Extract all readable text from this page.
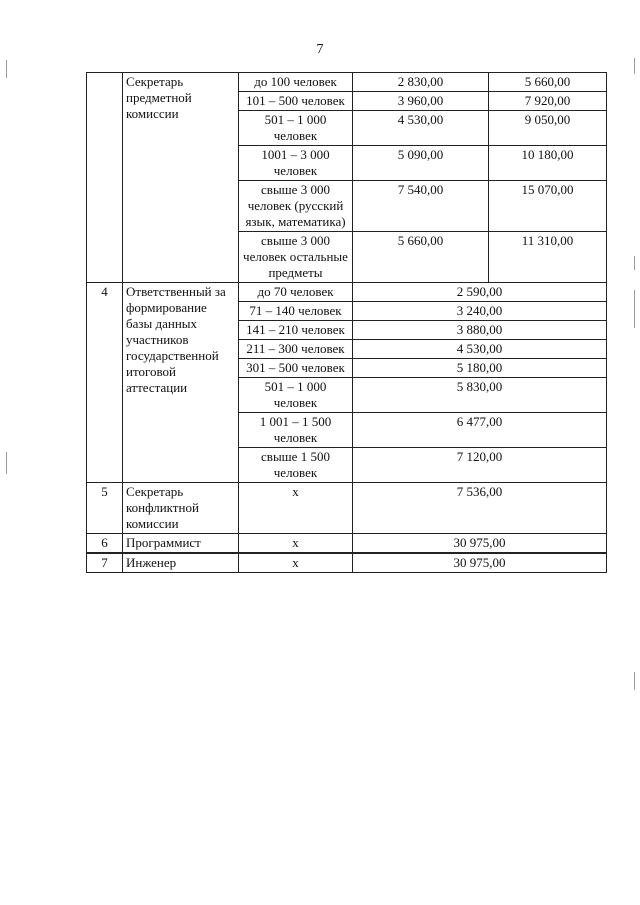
7
	Секретарь предметной комиссии	до 100 человек	2 830,00	5 660,00
		101 – 500 человек	3 960,00	7 920,00
		501 – 1 000 человек	4 530,00	9 050,00
		1001 – 3 000 человек	5 090,00	10 180,00
		свыше 3 000 человек (русский язык, математика)	7 540,00	15 070,00
		свыше 3 000 человек остальные предметы	5 660,00	11 310,00
4	Ответственный за формирование базы данных участников государственной итоговой аттестации	до 70 человек	2 590,00	
		71 – 140 человек	3 240,00	
		141 – 210 человек	3 880,00	
		211 – 300 человек	4 530,00	
		301 – 500 человек	5 180,00	
		501 – 1 000 человек	5 830,00	
		1 001 – 1 500 человек	6 477,00	
		свыше 1 500 человек	7 120,00	
5	Секретарь конфликтной комиссии	х	7 536,00	
6	Программист	х	30 975,00	
7	Инженер	х	30 975,00	
